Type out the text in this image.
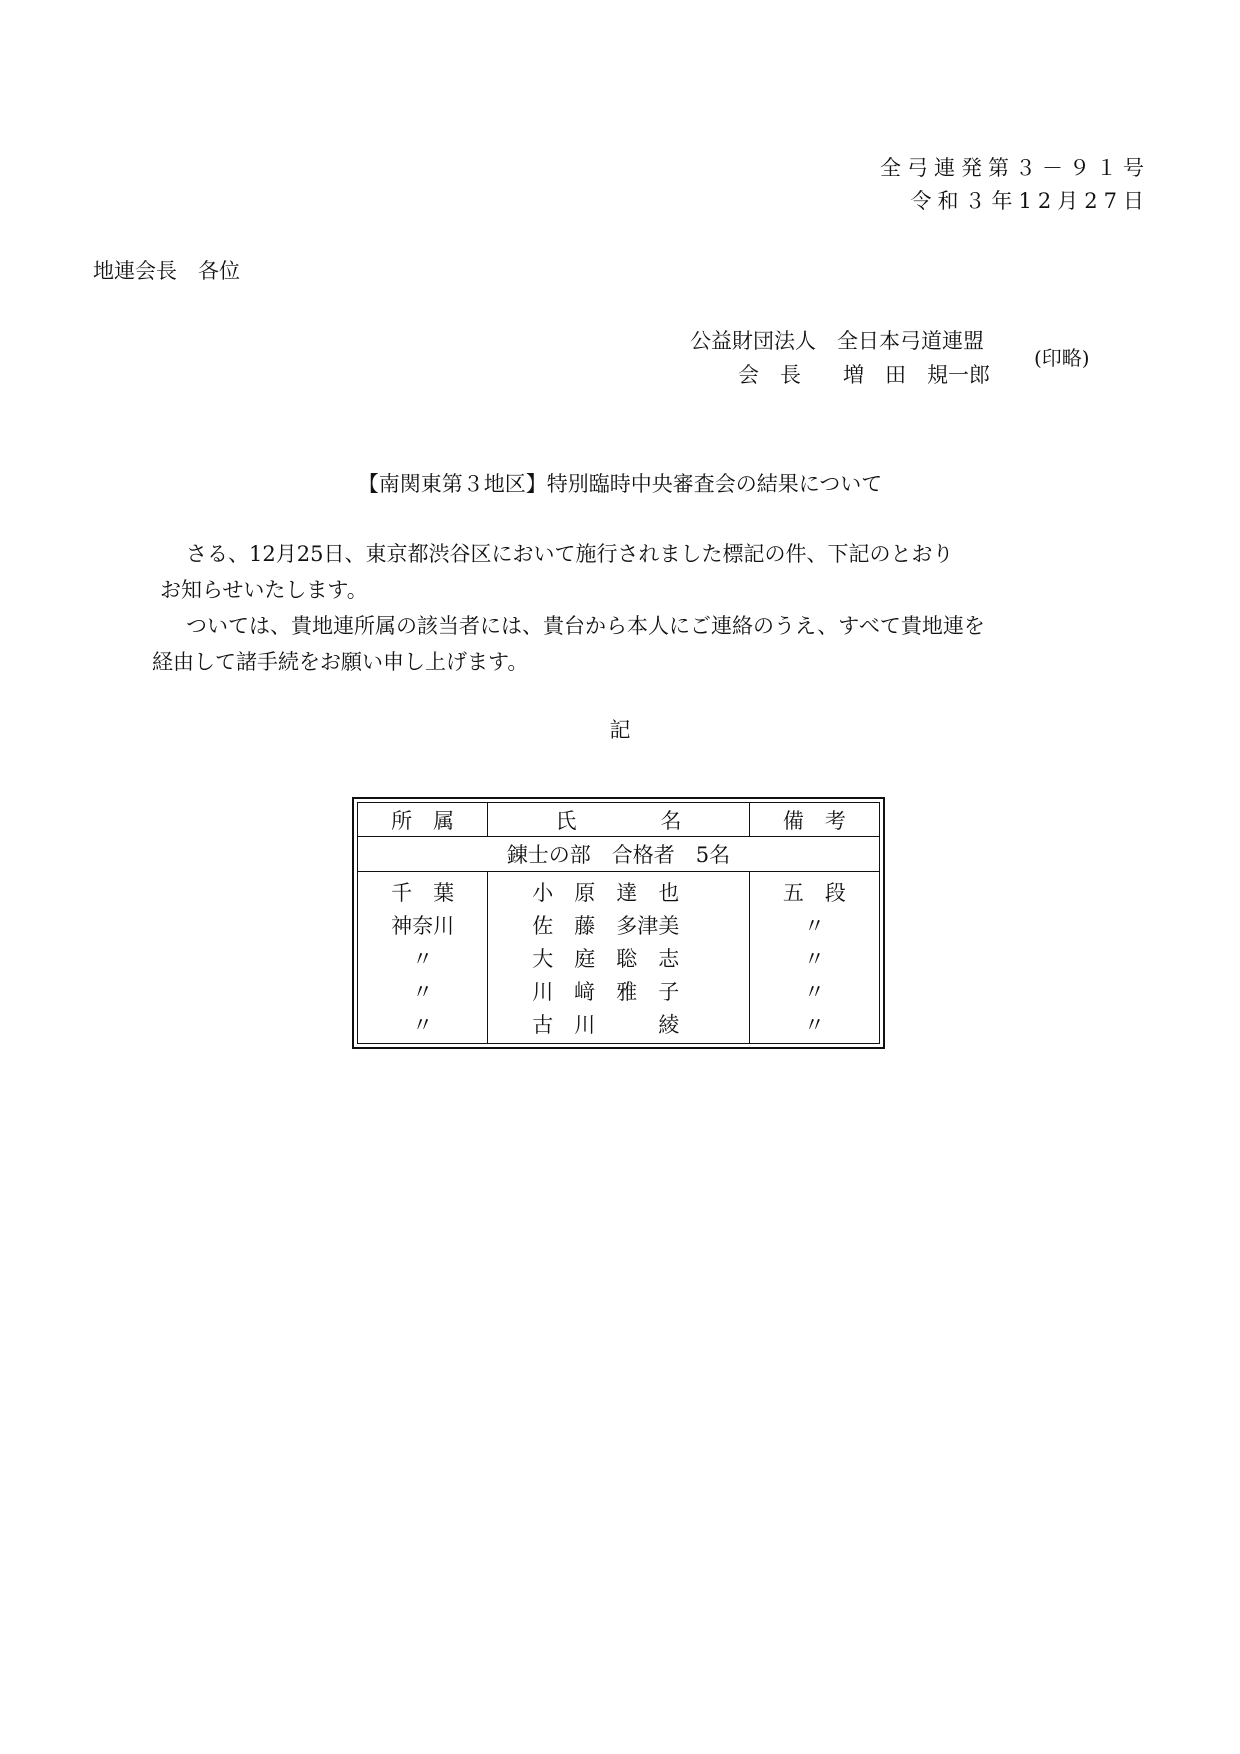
全弓連発第３－９１号
令和３年12月27日
地連会長　各位
公益財団法人　全日本弓道連盟
会　長　　増　田　規一郎
(印略)
【南関東第３地区】特別臨時中央審査会の結果について
さる、12月25日、東京都渋谷区において施行されました標記の件、下記のとおり
お知らせいたします。
ついては、貴地連所属の該当者には、貴台から本人にご連絡のうえ、すべて貴地連を
経由して諸手続をお願い申し上げます。
記
所　属	氏　　　　名	備　考
錬士の部　合格者　5名		
千　葉	小　原　達　也	五　段
神奈川	佐　藤　多津美	〃
〃	大　庭　聡　志	〃
〃	川　﨑　雅　子	〃
〃	古　川　　　綾	〃
